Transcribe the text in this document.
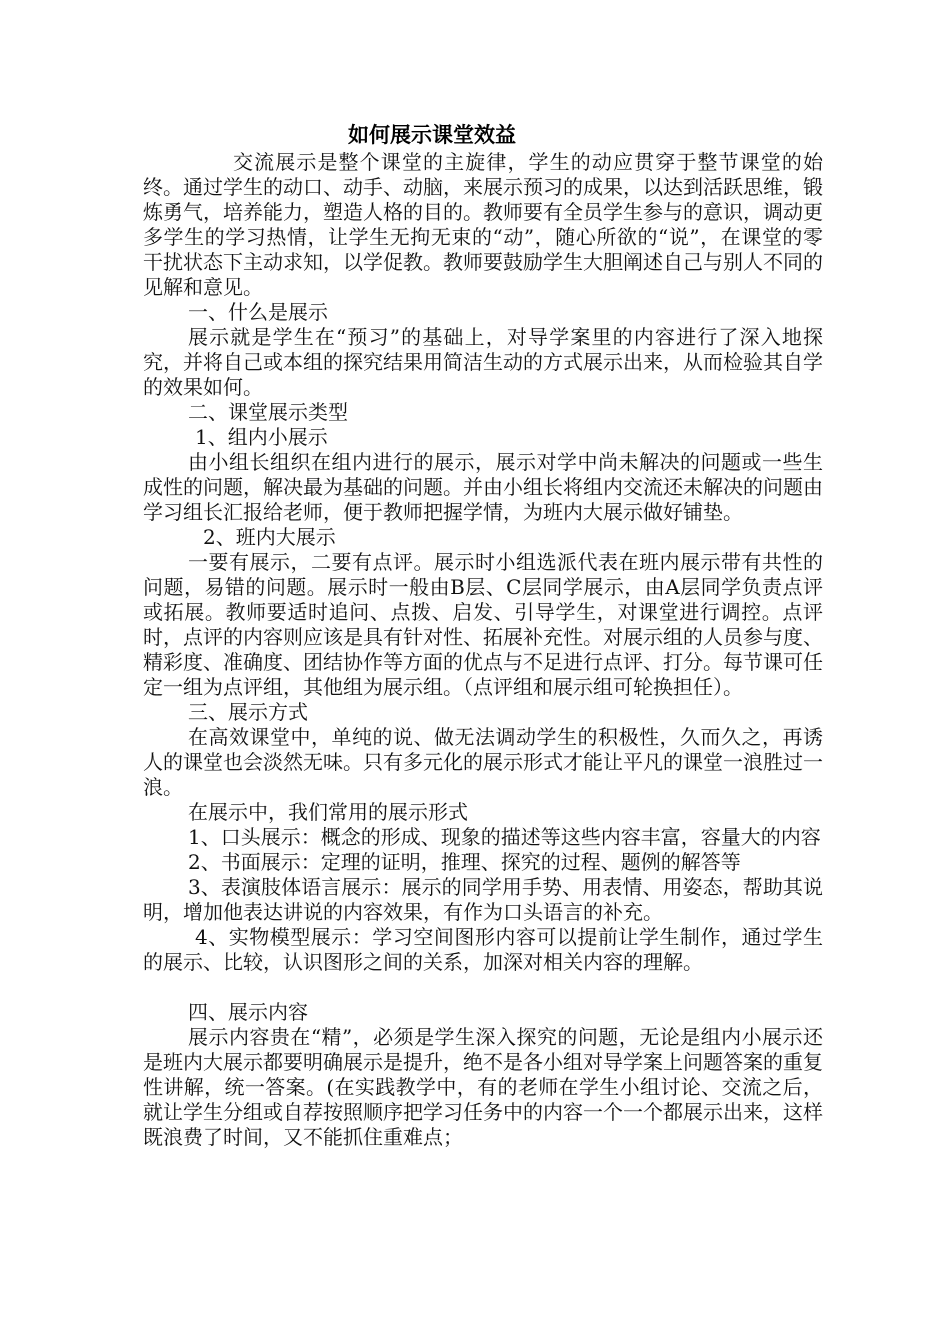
如何展示课堂效益

交流展示是整个课堂的主旋律，学生的动应贯穿于整节课堂的始终。通过学生的动口、动手、动脑，来展示预习的成果，以达到活跃思维，锻炼勇气，培养能力，塑造人格的目的。教师要有全员学生参与的意识，调动更多学生的学习热情，让学生无拘无束的“动”，随心所欲的“说”，在课堂的零干扰状态下主动求知，以学促教。教师要鼓励学生大胆阐述自己与别人不同的见解和意见。

一、什么是展示

展示就是学生在“预习”的基础上，对导学案里的内容进行了深入地探究，并将自己或本组的探究结果用简洁生动的方式展示出来，从而检验其自学的效果如何。

二、课堂展示类型

1、组内小展示

由小组长组织在组内进行的展示，展示对学中尚未解决的问题或一些生成性的问题，解决最为基础的问题。并由小组长将组内交流还未解决的问题由学习组长汇报给老师，便于教师把握学情，为班内大展示做好铺垫。

2、班内大展示

一要有展示，二要有点评。展示时小组选派代表在班内展示带有共性的问题，易错的问题。展示时一般由B层、C层同学展示，由A层同学负责点评或拓展。教师要适时追问、点拨、启发、引导学生，对课堂进行调控。点评时，点评的内容则应该是具有针对性、拓展补充性。对展示组的人员参与度、精彩度、准确度、团结协作等方面的优点与不足进行点评、打分。每节课可任定一组为点评组，其他组为展示组。（点评组和展示组可轮换担任）。

三、展示方式

在高效课堂中，单纯的说、做无法调动学生的积极性，久而久之，再诱人的课堂也会淡然无味。只有多元化的展示形式才能让平凡的课堂一浪胜过一浪。

在展示中，我们常用的展示形式

1、口头展示：概念的形成、现象的描述等这些内容丰富，容量大的内容

2、书面展示：定理的证明，推理、探究的过程、题例的解答等

3、表演肢体语言展示：展示的同学用手势、用表情、用姿态，帮助其说明，增加他表达讲说的内容效果，有作为口头语言的补充。

4、实物模型展示：学习空间图形内容可以提前让学生制作，通过学生的展示、比较，认识图形之间的关系，加深对相关内容的理解。

四、展示内容

展示内容贵在“精”，必须是学生深入探究的问题，无论是组内小展示还是班内大展示都要明确展示是提升，绝不是各小组对导学案上问题答案的重复性讲解，统一答案。(在实践教学中，有的老师在学生小组讨论、交流之后，就让学生分组或自荐按照顺序把学习任务中的内容一个一个都展示出来，这样既浪费了时间，又不能抓住重难点；
